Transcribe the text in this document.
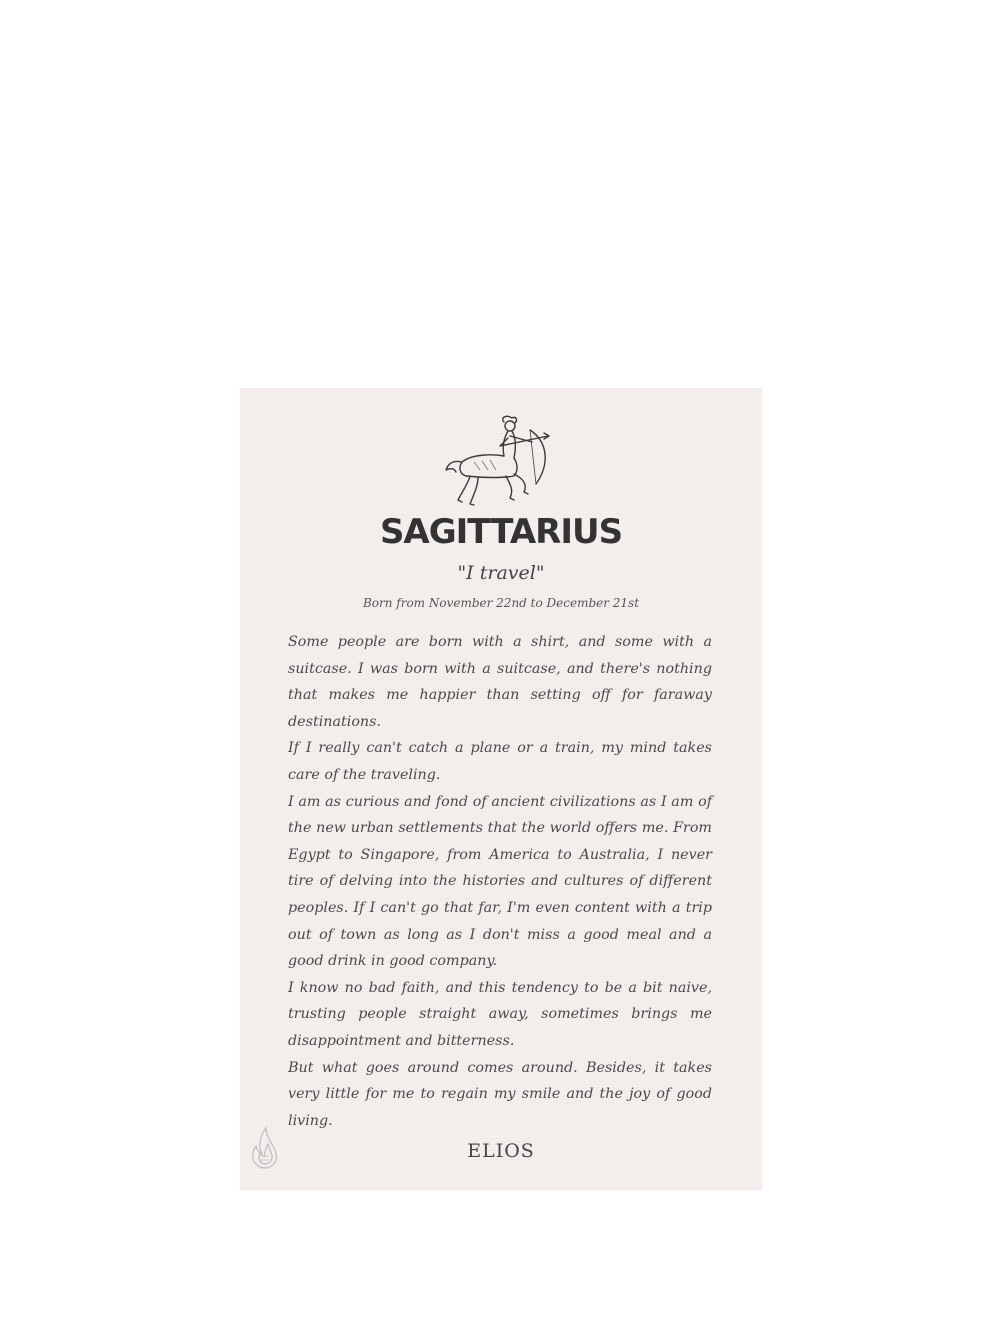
SAGITTARIUS
"I travel"
Born from November 22nd to December 21st

Some people are born with a shirt, and some with a suitcase. I was born with a suitcase, and there's nothing that makes me happier than setting off for faraway destinations.

If I really can't catch a plane or a train, my mind takes care of the traveling.

I am as curious and fond of ancient civilizations as I am of the new urban settlements that the world offers me. From Egypt to Singapore, from America to Australia, I never tire of delving into the histories and cultures of different peoples. If I can't go that far, I'm even content with a trip out of town as long as I don't miss a good meal and a good drink in good company.

I know no bad faith, and this tendency to be a bit naive, trusting people straight away, sometimes brings me disappointment and bitterness.

But what goes around comes around. Besides, it takes very little for me to regain my smile and the joy of good living.

ELIOS
